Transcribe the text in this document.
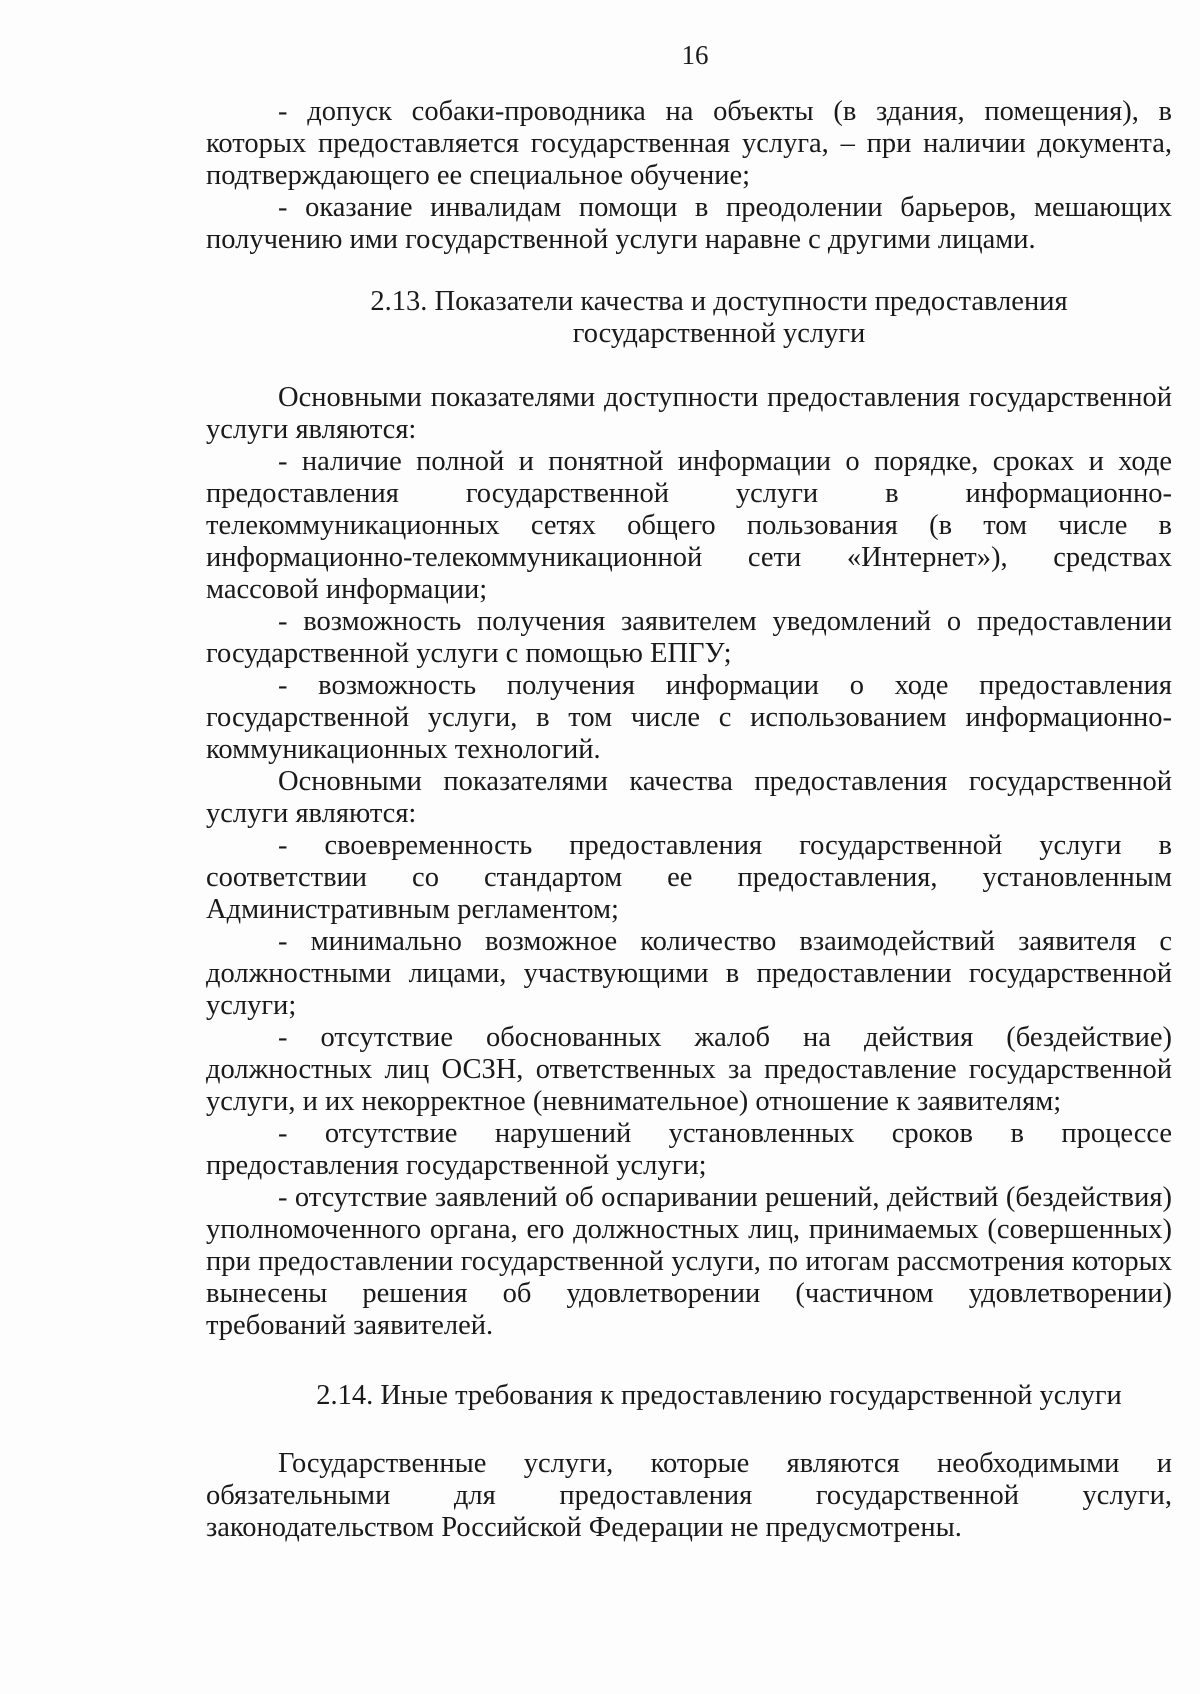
16

- допуск собаки-проводника на объекты (в здания, помещения), в которых предоставляется государственная услуга, – при наличии документа, подтверждающего ее специальное обучение;

- оказание инвалидам помощи в преодолении барьеров, мешающих получению ими государственной услуги наравне с другими лицами.

2.13. Показатели качества и доступности предоставления
государственной услуги

Основными показателями доступности предоставления государственной услуги являются:

- наличие полной и понятной информации о порядке, сроках и ходе предоставления государственной услуги в информационно-телекоммуникационных сетях общего пользования (в том числе в информационно-телекоммуникационной сети «Интернет»), средствах массовой информации;

- возможность получения заявителем уведомлений о предоставлении государственной услуги с помощью ЕПГУ;

- возможность получения информации о ходе предоставления государственной услуги, в том числе с использованием информационно-коммуникационных технологий.

Основными показателями качества предоставления государственной услуги являются:

- своевременность предоставления государственной услуги в соответствии со стандартом ее предоставления, установленным Административным регламентом;

- минимально возможное количество взаимодействий заявителя с должностными лицами, участвующими в предоставлении государственной услуги;

- отсутствие обоснованных жалоб на действия (бездействие) должностных лиц ОСЗН, ответственных за предоставление государственной услуги, и их некорректное (невнимательное) отношение к заявителям;

- отсутствие нарушений установленных сроков в процессе предоставления государственной услуги;

- отсутствие заявлений об оспаривании решений, действий (бездействия) уполномоченного органа, его должностных лиц, принимаемых (совершенных) при предоставлении государственной услуги, по итогам рассмотрения которых вынесены решения об удовлетворении (частичном удовлетворении) требований заявителей.

2.14. Иные требования к предоставлению государственной услуги

Государственные услуги, которые являются необходимыми и обязательными для предоставления государственной услуги, законодательством Российской Федерации не предусмотрены.
